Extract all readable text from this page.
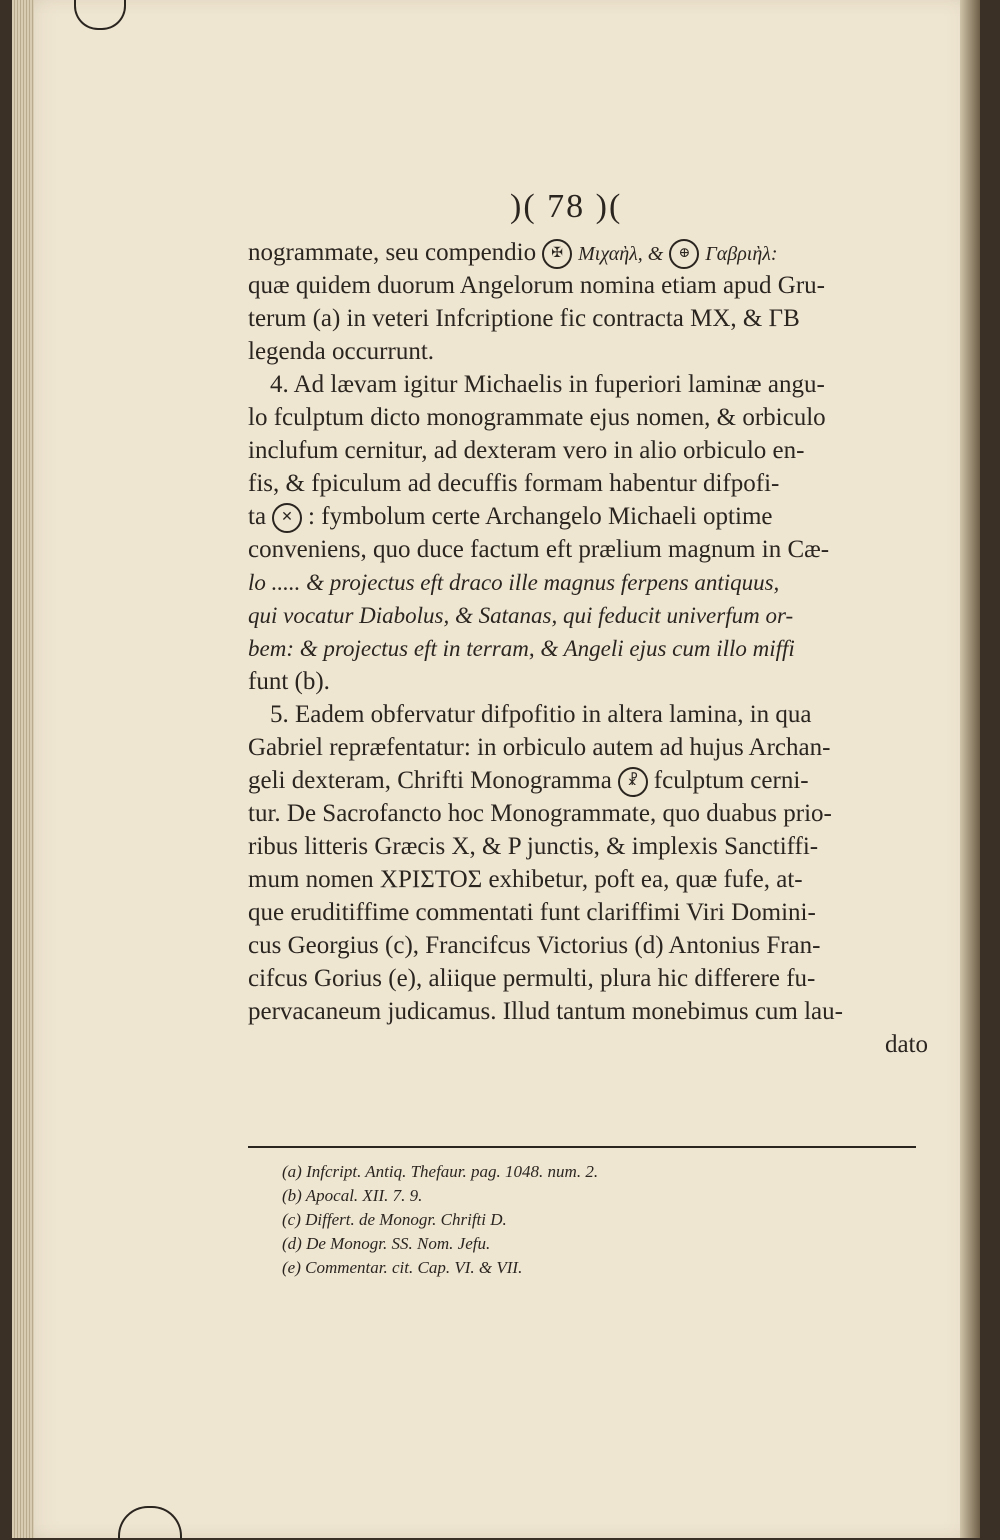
)( 78 )(
nogrammate, seu compendio ✠ Μιχαὴλ, & ⊕ Γαβριὴλ:
quæ quidem duorum Angelorum nomina etiam apud Gru-
terum (a) in veteri Infcriptione fic contracta MX, & ΓB
legenda occurrunt.
4. Ad lævam igitur Michaelis in fuperiori laminæ angu-
lo fculptum dicto monogrammate ejus nomen, & orbiculo
inclufum cernitur, ad dexteram vero in alio orbiculo en-
fis, & fpiculum ad decuffis formam habentur difpofi-
ta ✕ : fymbolum certe Archangelo Michaeli optime
conveniens, quo duce factum eft prælium magnum in Cæ-
lo ..... & projectus eft draco ille magnus ferpens antiquus,
qui vocatur Diabolus, & Satanas, qui feducit univerfum or-
bem: & projectus eft in terram, & Angeli ejus cum illo miffi
funt (b).
5. Eadem obfervatur difpofitio in altera lamina, in qua
Gabriel repræfentatur: in orbiculo autem ad hujus Archan-
geli dexteram, Chrifti Monogramma ☧ fculptum cerni-
tur. De Sacrofancto hoc Monogrammate, quo duabus prio-
ribus litteris Græcis X, & P junctis, & implexis Sanctiffi-
mum nomen ΧΡΙΣΤΟΣ exhibetur, poft ea, quæ fufe, at-
que eruditiffime commentati funt clariffimi Viri Domini-
cus Georgius (c), Francifcus Victorius (d) Antonius Fran-
cifcus Gorius (e), aliique permulti, plura hic differere fu-
pervacaneum judicamus. Illud tantum monebimus cum lau-
dato
(a) Infcript. Antiq. Thefaur. pag. 1048. num. 2.
(b) Apocal. XII. 7. 9.
(c) Differt. de Monogr. Chrifti D.
(d) De Monogr. SS. Nom. Jefu.
(e) Commentar. cit. Cap. VI. & VII.
